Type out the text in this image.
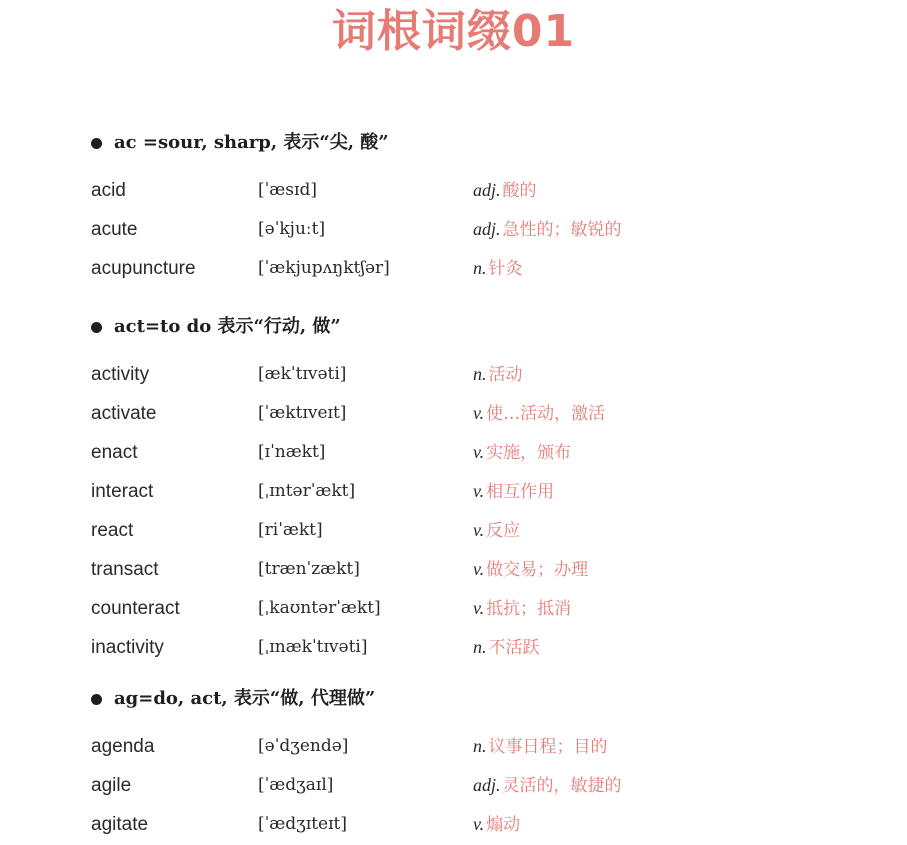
词根词缀01
ac =sour, sharp, 表示“尖, 酸”
acid	[ˈæsɪd]	adj. 酸的
acute	[əˈkjuːt]	adj. 急性的；敏锐的
acupuncture	[ˈækjupʌŋktʃər]	n. 针灸
act=to do 表示“行动, 做”
activity	[ækˈtɪvəti]	n. 活动
activate	[ˈæktɪveɪt]	v. 使…活动，激活
enact	[ɪˈnækt]	v. 实施，颁布
interact	[ˌɪntərˈækt]	v. 相互作用
react	[riˈækt]	v. 反应
transact	[trænˈzækt]	v. 做交易；办理
counteract	[ˌkaʊntərˈækt]	v. 抵抗；抵消
inactivity	[ˌɪnækˈtɪvəti]	n. 不活跃
ag=do, act, 表示“做, 代理做”
agenda	[əˈdʒendə]	n. 议事日程；目的
agile	[ˈædʒaɪl]	adj. 灵活的，敏捷的
agitate	[ˈædʒɪteɪt]	v. 煽动
